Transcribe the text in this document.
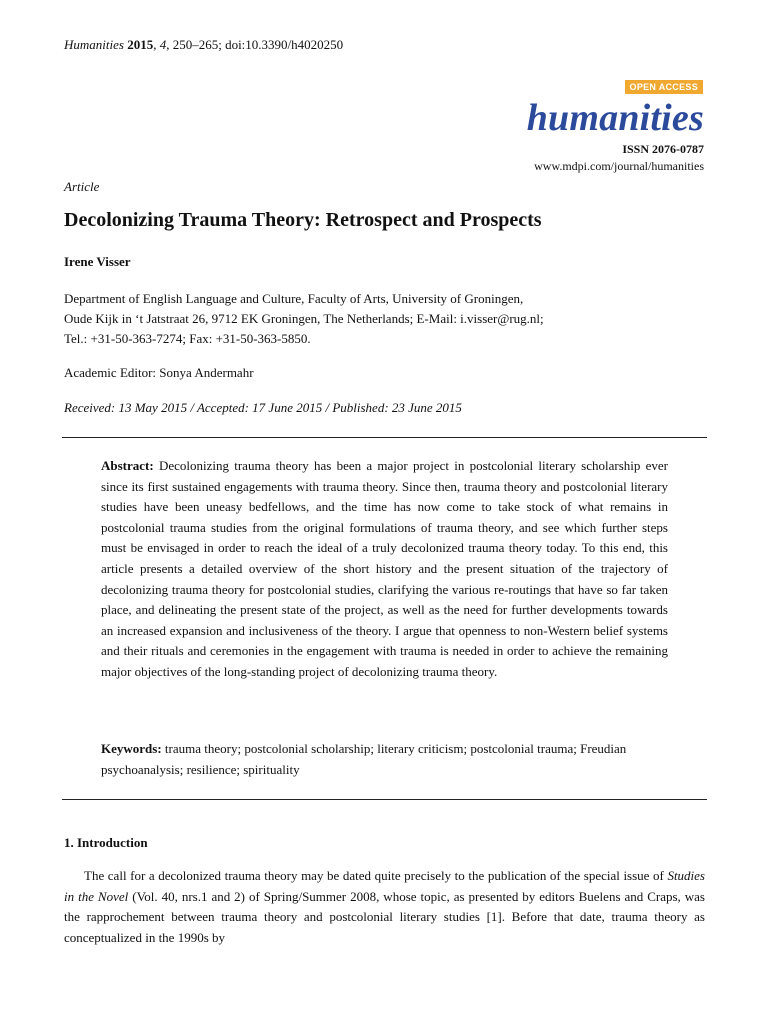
Humanities 2015, 4, 250–265; doi:10.3390/h4020250
OPEN ACCESS
humanities
ISSN 2076-0787
www.mdpi.com/journal/humanities
Article
Decolonizing Trauma Theory: Retrospect and Prospects
Irene Visser
Department of English Language and Culture, Faculty of Arts, University of Groningen,
Oude Kijk in ‘t Jatstraat 26, 9712 EK Groningen, The Netherlands; E-Mail: i.visser@rug.nl;
Tel.: +31-50-363-7274; Fax: +31-50-363-5850.
Academic Editor: Sonya Andermahr
Received: 13 May 2015 / Accepted: 17 June 2015 / Published: 23 June 2015
Abstract: Decolonizing trauma theory has been a major project in postcolonial literary scholarship ever since its first sustained engagements with trauma theory. Since then, trauma theory and postcolonial literary studies have been uneasy bedfellows, and the time has now come to take stock of what remains in postcolonial trauma studies from the original formulations of trauma theory, and see which further steps must be envisaged in order to reach the ideal of a truly decolonized trauma theory today. To this end, this article presents a detailed overview of the short history and the present situation of the trajectory of decolonizing trauma theory for postcolonial studies, clarifying the various re-routings that have so far taken place, and delineating the present state of the project, as well as the need for further developments towards an increased expansion and inclusiveness of the theory. I argue that openness to non-Western belief systems and their rituals and ceremonies in the engagement with trauma is needed in order to achieve the remaining major objectives of the long-standing project of decolonizing trauma theory.
Keywords: trauma theory; postcolonial scholarship; literary criticism; postcolonial trauma; Freudian psychoanalysis; resilience; spirituality
1. Introduction
The call for a decolonized trauma theory may be dated quite precisely to the publication of the special issue of Studies in the Novel (Vol. 40, nrs.1 and 2) of Spring/Summer 2008, whose topic, as presented by editors Buelens and Craps, was the rapprochement between trauma theory and postcolonial literary studies [1]. Before that date, trauma theory as conceptualized in the 1990s by
